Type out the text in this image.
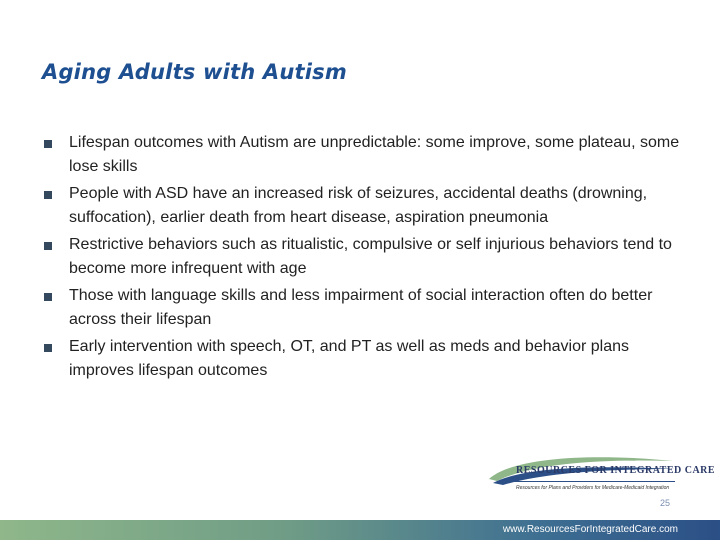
Aging Adults with Autism
Lifespan outcomes with Autism are unpredictable: some improve, some plateau, some lose skills
People with ASD have an increased risk of seizures, accidental deaths (drowning, suffocation), earlier death from heart disease, aspiration pneumonia
Restrictive behaviors such as ritualistic, compulsive or self injurious behaviors tend to become more infrequent with age
Those with language skills and less impairment of social interaction often do better across their lifespan
Early intervention with speech, OT, and PT as well as meds and behavior plans improves lifespan outcomes
RESOURCES FOR INTEGRATED CARE
Resources for Plans and Providers for Medicare-Medicaid Integration
25
www.ResourcesForIntegratedCare.com
